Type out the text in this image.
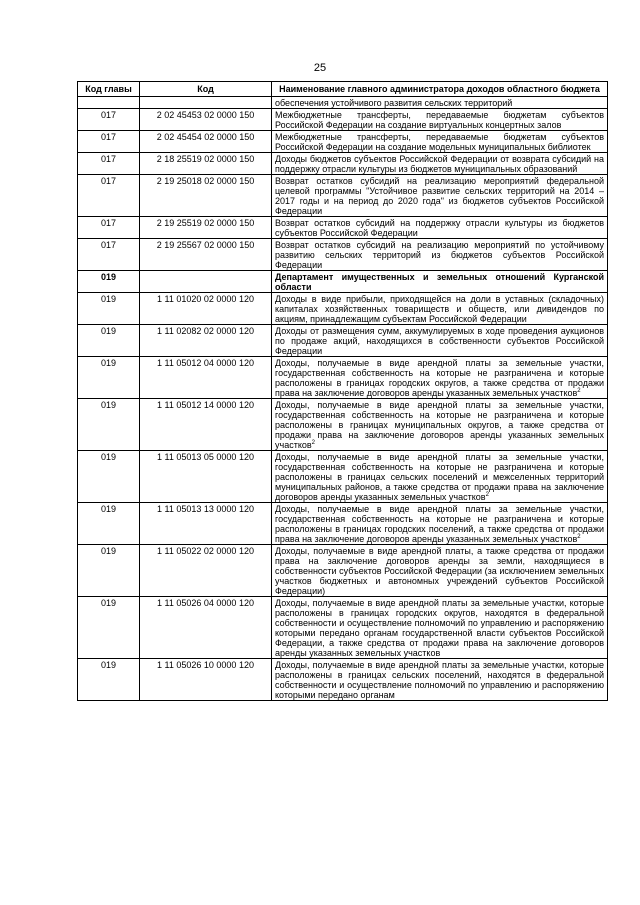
25
Код главы	Код	Наименование главного администратора доходов областного бюджета
		обеспечения устойчивого развития сельских территорий
017	2 02 45453 02 0000 150	Межбюджетные трансферты, передаваемые бюджетам субъектов Российской Федерации на создание виртуальных концертных залов
017	2 02 45454 02 0000 150	Межбюджетные трансферты, передаваемые бюджетам субъектов Российской Федерации на создание модельных муниципальных библиотек
017	2 18 25519 02 0000 150	Доходы бюджетов субъектов Российской Федерации от возврата субсидий на поддержку отрасли культуры из бюджетов муниципальных образований
017	2 19 25018 02 0000 150	Возврат остатков субсидий на реализацию мероприятий федеральной целевой программы "Устойчивое развитие сельских территорий на 2014 – 2017 годы и на период до 2020 года" из бюджетов субъектов Российской Федерации
017	2 19 25519 02 0000 150	Возврат остатков субсидий на поддержку отрасли культуры из бюджетов субъектов Российской Федерации
017	2 19 25567 02 0000 150	Возврат остатков субсидий на реализацию мероприятий по устойчивому развитию сельских территорий из бюджетов субъектов Российской Федерации
019		Департамент имущественных и земельных отношений Курганской области
019	1 11 01020 02 0000 120	Доходы в виде прибыли, приходящейся на доли в уставных (складочных) капиталах хозяйственных товариществ и обществ, или дивидендов по акциям, принадлежащим субъектам Российской Федерации
019	1 11 02082 02 0000 120	Доходы от размещения сумм, аккумулируемых в ходе проведения аукционов по продаже акций, находящихся в собственности субъектов Российской Федерации
019	1 11 05012 04 0000 120	Доходы, получаемые в виде арендной платы за земельные участки, государственная собственность на которые не разграничена и которые расположены в границах городских округов, а также средства от продажи права на заключение договоров аренды указанных земельных участков$^2$
019	1 11 05012 14 0000 120	Доходы, получаемые в виде арендной платы за земельные участки, государственная собственность на которые не разграничена и которые расположены в границах муниципальных округов, а также средства от продажи права на заключение договоров аренды указанных земельных участков$^2$
019	1 11 05013 05 0000 120	Доходы, получаемые в виде арендной платы за земельные участки, государственная собственность на которые не разграничена и которые расположены в границах сельских поселений и межселенных территорий муниципальных районов, а также средства от продажи права на заключение договоров аренды указанных земельных участков$^2$
019	1 11 05013 13 0000 120	Доходы, получаемые в виде арендной платы за земельные участки, государственная собственность на которые не разграничена и которые расположены в границах городских поселений, а также средства от продажи права на заключение договоров аренды указанных земельных участков$^2$
019	1 11 05022 02 0000 120	Доходы, получаемые в виде арендной платы, а также средства от продажи права на заключение договоров аренды за земли, находящиеся в собственности субъектов Российской Федерации (за исключением земельных участков бюджетных и автономных учреждений субъектов Российской Федерации)
019	1 11 05026 04 0000 120	Доходы, получаемые в виде арендной платы за земельные участки, которые расположены в границах городских округов, находятся в федеральной собственности и осуществление полномочий по управлению и распоряжению которыми передано органам государственной власти субъектов Российской Федерации, а также средства от продажи права на заключение договоров аренды указанных земельных участков
019	1 11 05026 10 0000 120	Доходы, получаемые в виде арендной платы за земельные участки, которые расположены в границах сельских поселений, находятся в федеральной собственности и осуществление полномочий по управлению и распоряжению которыми передано органам
